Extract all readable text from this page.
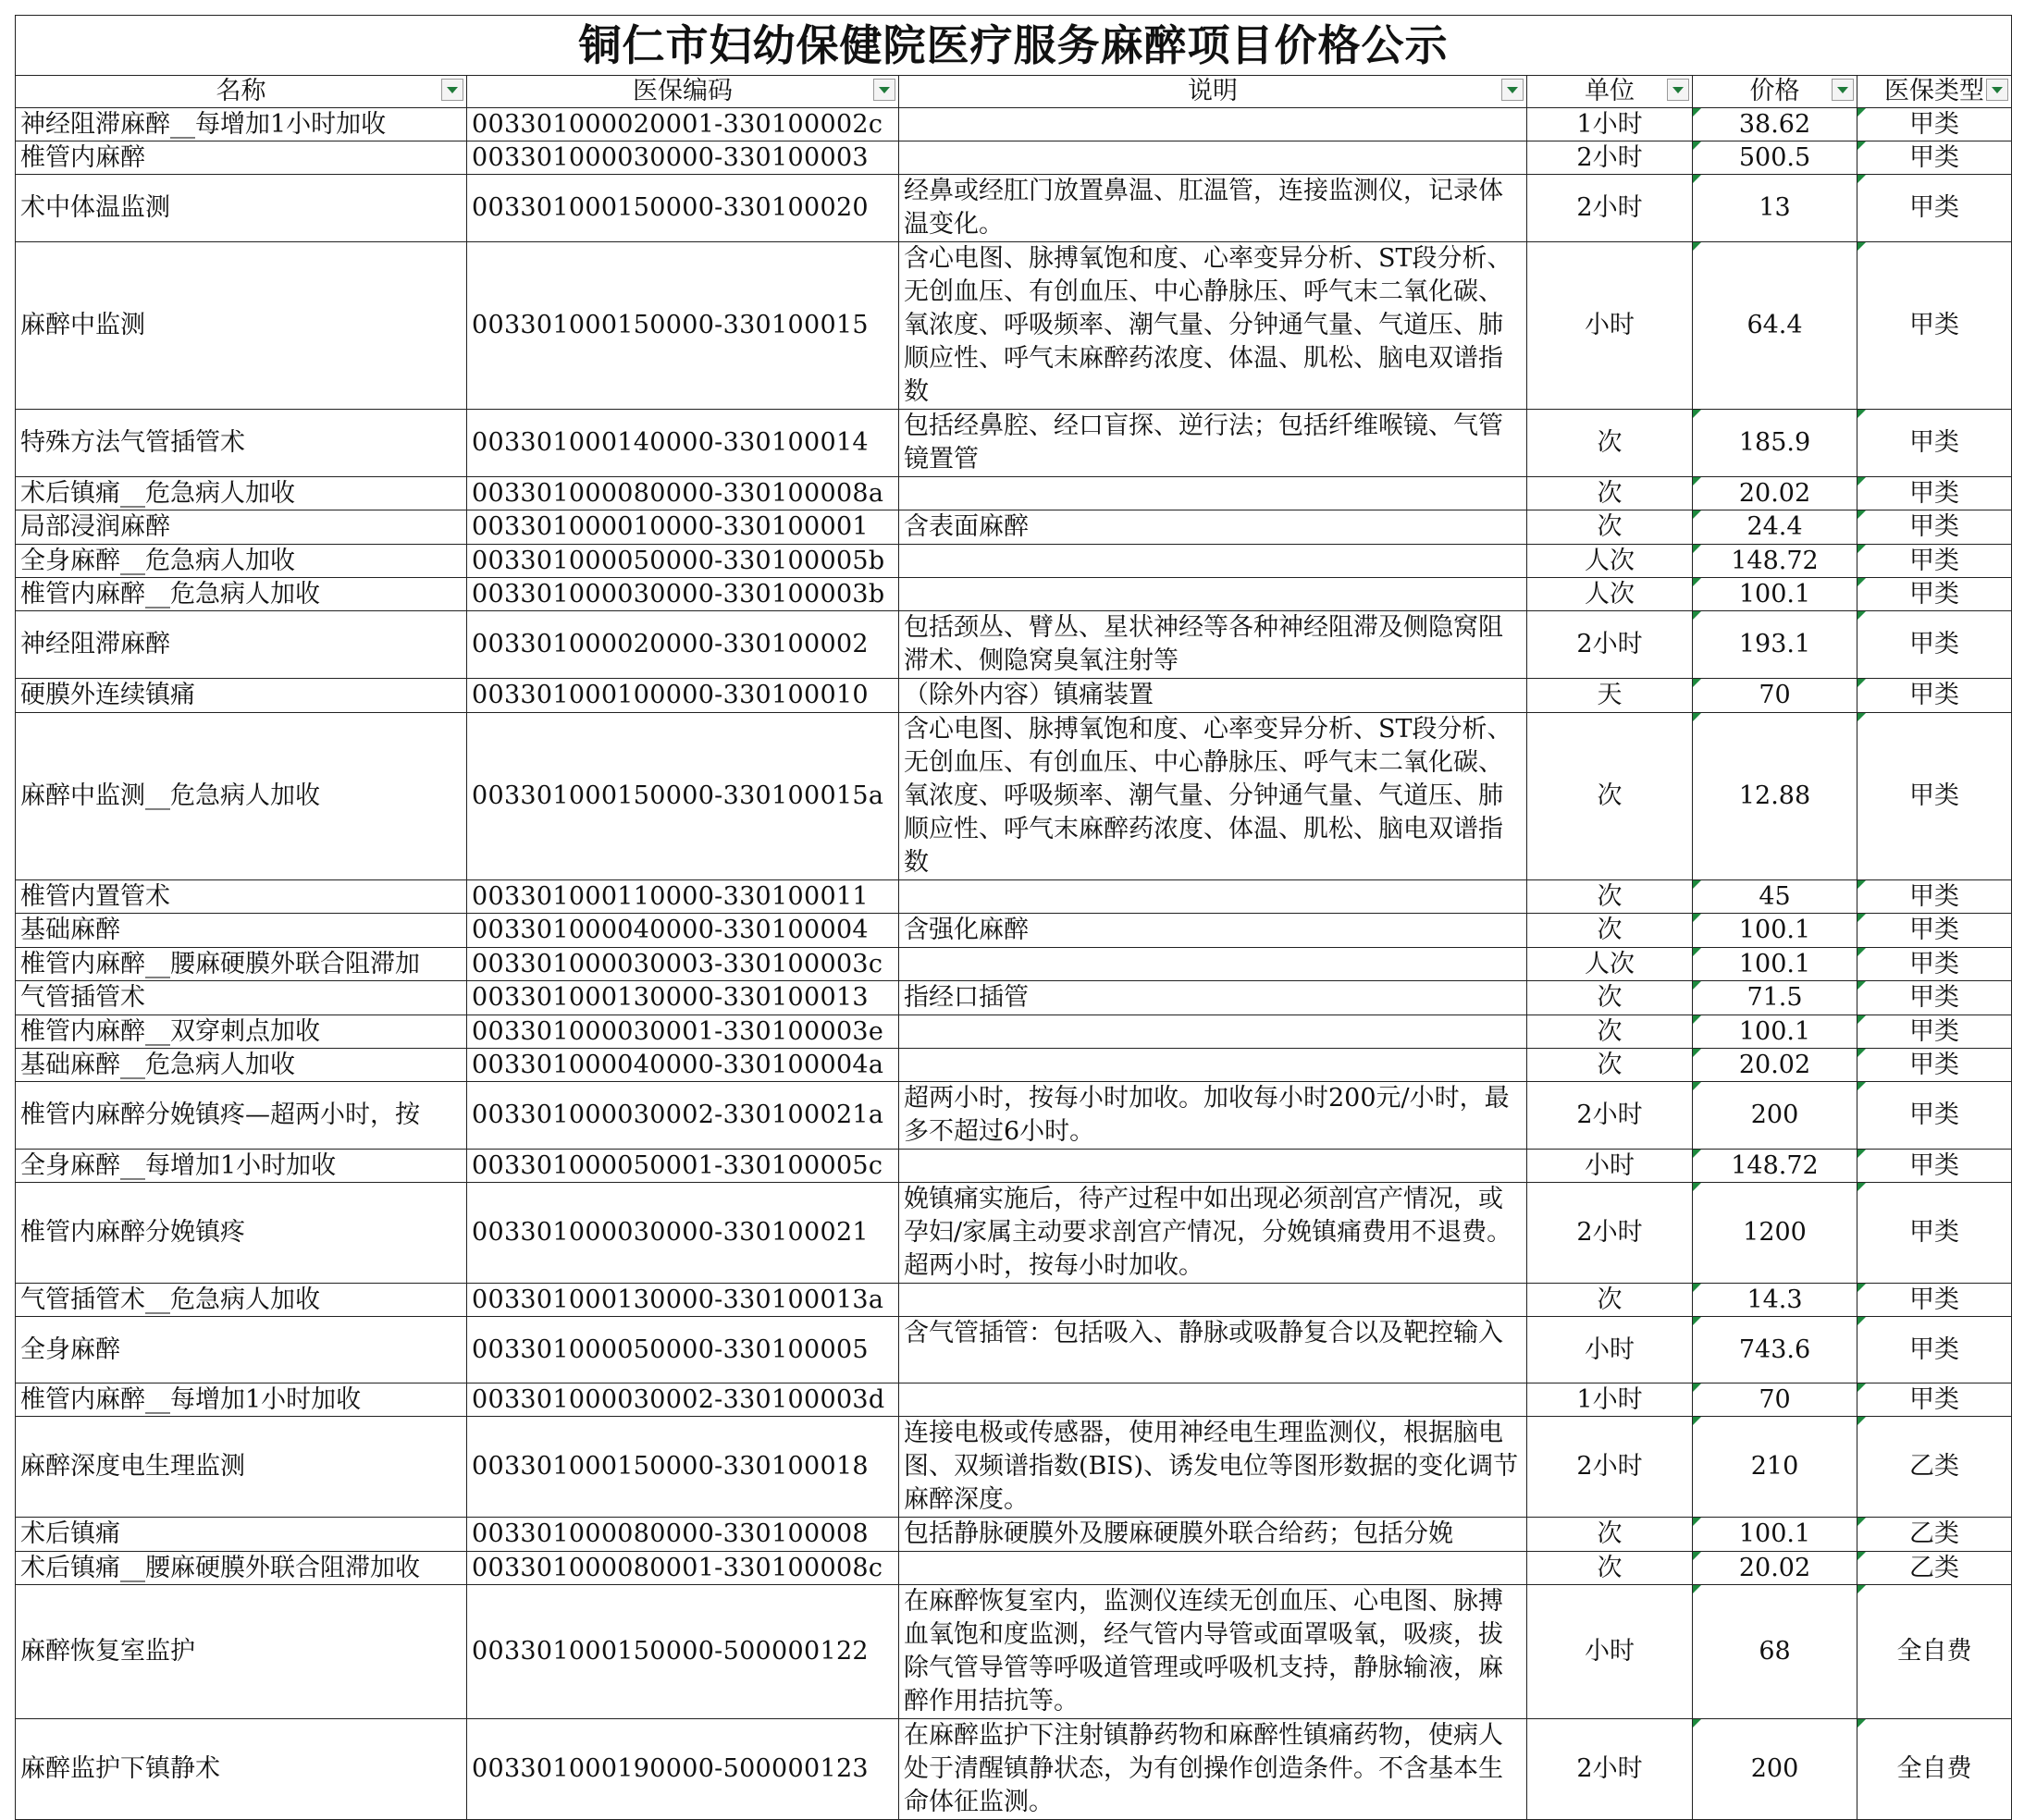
铜仁市妇幼保健院医疗服务麻醉项目价格公示					
名称	医保编码	说明	单位	价格	医保类型

神经阻滞麻醉__每增加1小时加收	003301000020001-330100002c		1小时	38.62	甲类
椎管内麻醉	003301000030000-330100003		2小时	500.5	甲类
术中体温监测	003301000150000-330100020	经鼻或经肛门放置鼻温、肛温管，连接监测仪，记录体温变化。	2小时	13	甲类
麻醉中监测	003301000150000-330100015	含心电图、脉搏氧饱和度、心率变异分析、ST段分析、无创血压、有创血压、中心静脉压、呼气末二氧化碳、氧浓度、呼吸频率、潮气量、分钟通气量、气道压、肺顺应性、呼气末麻醉药浓度、体温、肌松、脑电双谱指数	小时	64.4	甲类
特殊方法气管插管术	003301000140000-330100014	包括经鼻腔、经口盲探、逆行法；包括纤维喉镜、气管镜置管	次	185.9	甲类
术后镇痛__危急病人加收	003301000080000-330100008a		次	20.02	甲类
局部浸润麻醉	003301000010000-330100001	含表面麻醉	次	24.4	甲类
全身麻醉__危急病人加收	003301000050000-330100005b		人次	148.72	甲类
椎管内麻醉__危急病人加收	003301000030000-330100003b		人次	100.1	甲类
神经阻滞麻醉	003301000020000-330100002	包括颈丛、臂丛、星状神经等各种神经阻滞及侧隐窝阻滞术、侧隐窝臭氧注射等	2小时	193.1	甲类
硬膜外连续镇痛	003301000100000-330100010	（除外内容）镇痛装置	天	70	甲类
麻醉中监测__危急病人加收	003301000150000-330100015a	含心电图、脉搏氧饱和度、心率变异分析、ST段分析、无创血压、有创血压、中心静脉压、呼气末二氧化碳、氧浓度、呼吸频率、潮气量、分钟通气量、气道压、肺顺应性、呼气末麻醉药浓度、体温、肌松、脑电双谱指数	次	12.88	甲类
椎管内置管术	003301000110000-330100011		次	45	甲类
基础麻醉	003301000040000-330100004	含强化麻醉	次	100.1	甲类
椎管内麻醉__腰麻硬膜外联合阻滞加	003301000030003-330100003c		人次	100.1	甲类
气管插管术	003301000130000-330100013	指经口插管	次	71.5	甲类
椎管内麻醉__双穿刺点加收	003301000030001-330100003e		次	100.1	甲类
基础麻醉__危急病人加收	003301000040000-330100004a		次	20.02	甲类
椎管内麻醉分娩镇疼—超两小时，按	003301000030002-330100021a	超两小时，按每小时加收。加收每小时200元/小时，最多不超过6小时。	2小时	200	甲类
全身麻醉__每增加1小时加收	003301000050001-330100005c		小时	148.72	甲类
椎管内麻醉分娩镇疼	003301000030000-330100021	娩镇痛实施后，待产过程中如出现必须剖宫产情况，或孕妇/家属主动要求剖宫产情况，分娩镇痛费用不退费。超两小时，按每小时加收。	2小时	1200	甲类
气管插管术__危急病人加收	003301000130000-330100013a		次	14.3	甲类
全身麻醉	003301000050000-330100005	含气管插管：包括吸入、静脉或吸静复合以及靶控输入	小时	743.6	甲类
椎管内麻醉__每增加1小时加收	003301000030002-330100003d		1小时	70	甲类
麻醉深度电生理监测	003301000150000-330100018	连接电极或传感器，使用神经电生理监测仪，根据脑电图、双频谱指数(BIS)、诱发电位等图形数据的变化调节麻醉深度。	2小时	210	乙类
术后镇痛	003301000080000-330100008	包括静脉硬膜外及腰麻硬膜外联合给药；包括分娩	次	100.1	乙类
术后镇痛__腰麻硬膜外联合阻滞加收	003301000080001-330100008c		次	20.02	乙类
麻醉恢复室监护	003301000150000-500000122	在麻醉恢复室内，监测仪连续无创血压、心电图、脉搏血氧饱和度监测，经气管内导管或面罩吸氧，吸痰，拔除气管导管等呼吸道管理或呼吸机支持，静脉输液，麻醉作用拮抗等。	小时	68	全自费
麻醉监护下镇静术	003301000190000-500000123	在麻醉监护下注射镇静药物和麻醉性镇痛药物，使病人处于清醒镇静状态，为有创操作创造条件。不含基本生命体征监测。	2小时	200	全自费
